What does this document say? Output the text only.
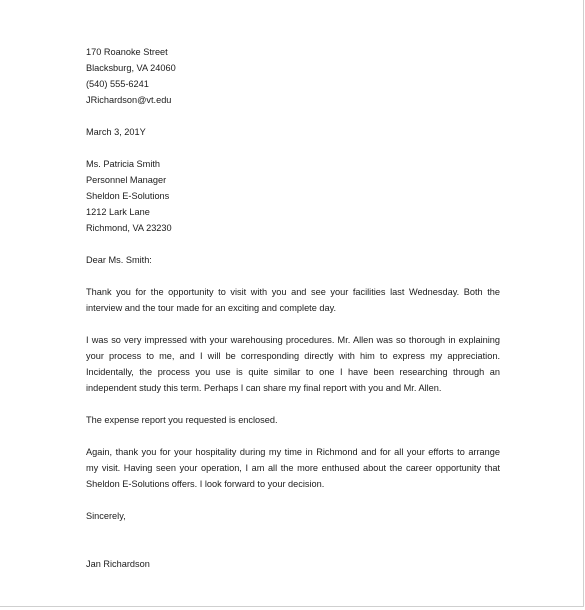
170 Roanoke Street
Blacksburg, VA 24060
(540) 555-6241
JRichardson@vt.edu
March 3, 201Y
Ms. Patricia Smith
Personnel Manager
Sheldon E-Solutions
1212 Lark Lane
Richmond, VA 23230
Dear Ms. Smith:
Thank you for the opportunity to visit with you and see your facilities last Wednesday. Both the
interview and the tour made for an exciting and complete day.
I was so very impressed with your warehousing procedures. Mr. Allen was so thorough in explaining
your process to me, and I will be corresponding directly with him to express my appreciation.
Incidentally, the process you use is quite similar to one I have been researching through an
independent study this term. Perhaps I can share my final report with you and Mr. Allen.
The expense report you requested is enclosed.
Again, thank you for your hospitality during my time in Richmond and for all your efforts to arrange
my visit. Having seen your operation, I am all the more enthused about the career opportunity that
Sheldon E-Solutions offers. I look forward to your decision.
Sincerely,
Jan Richardson
